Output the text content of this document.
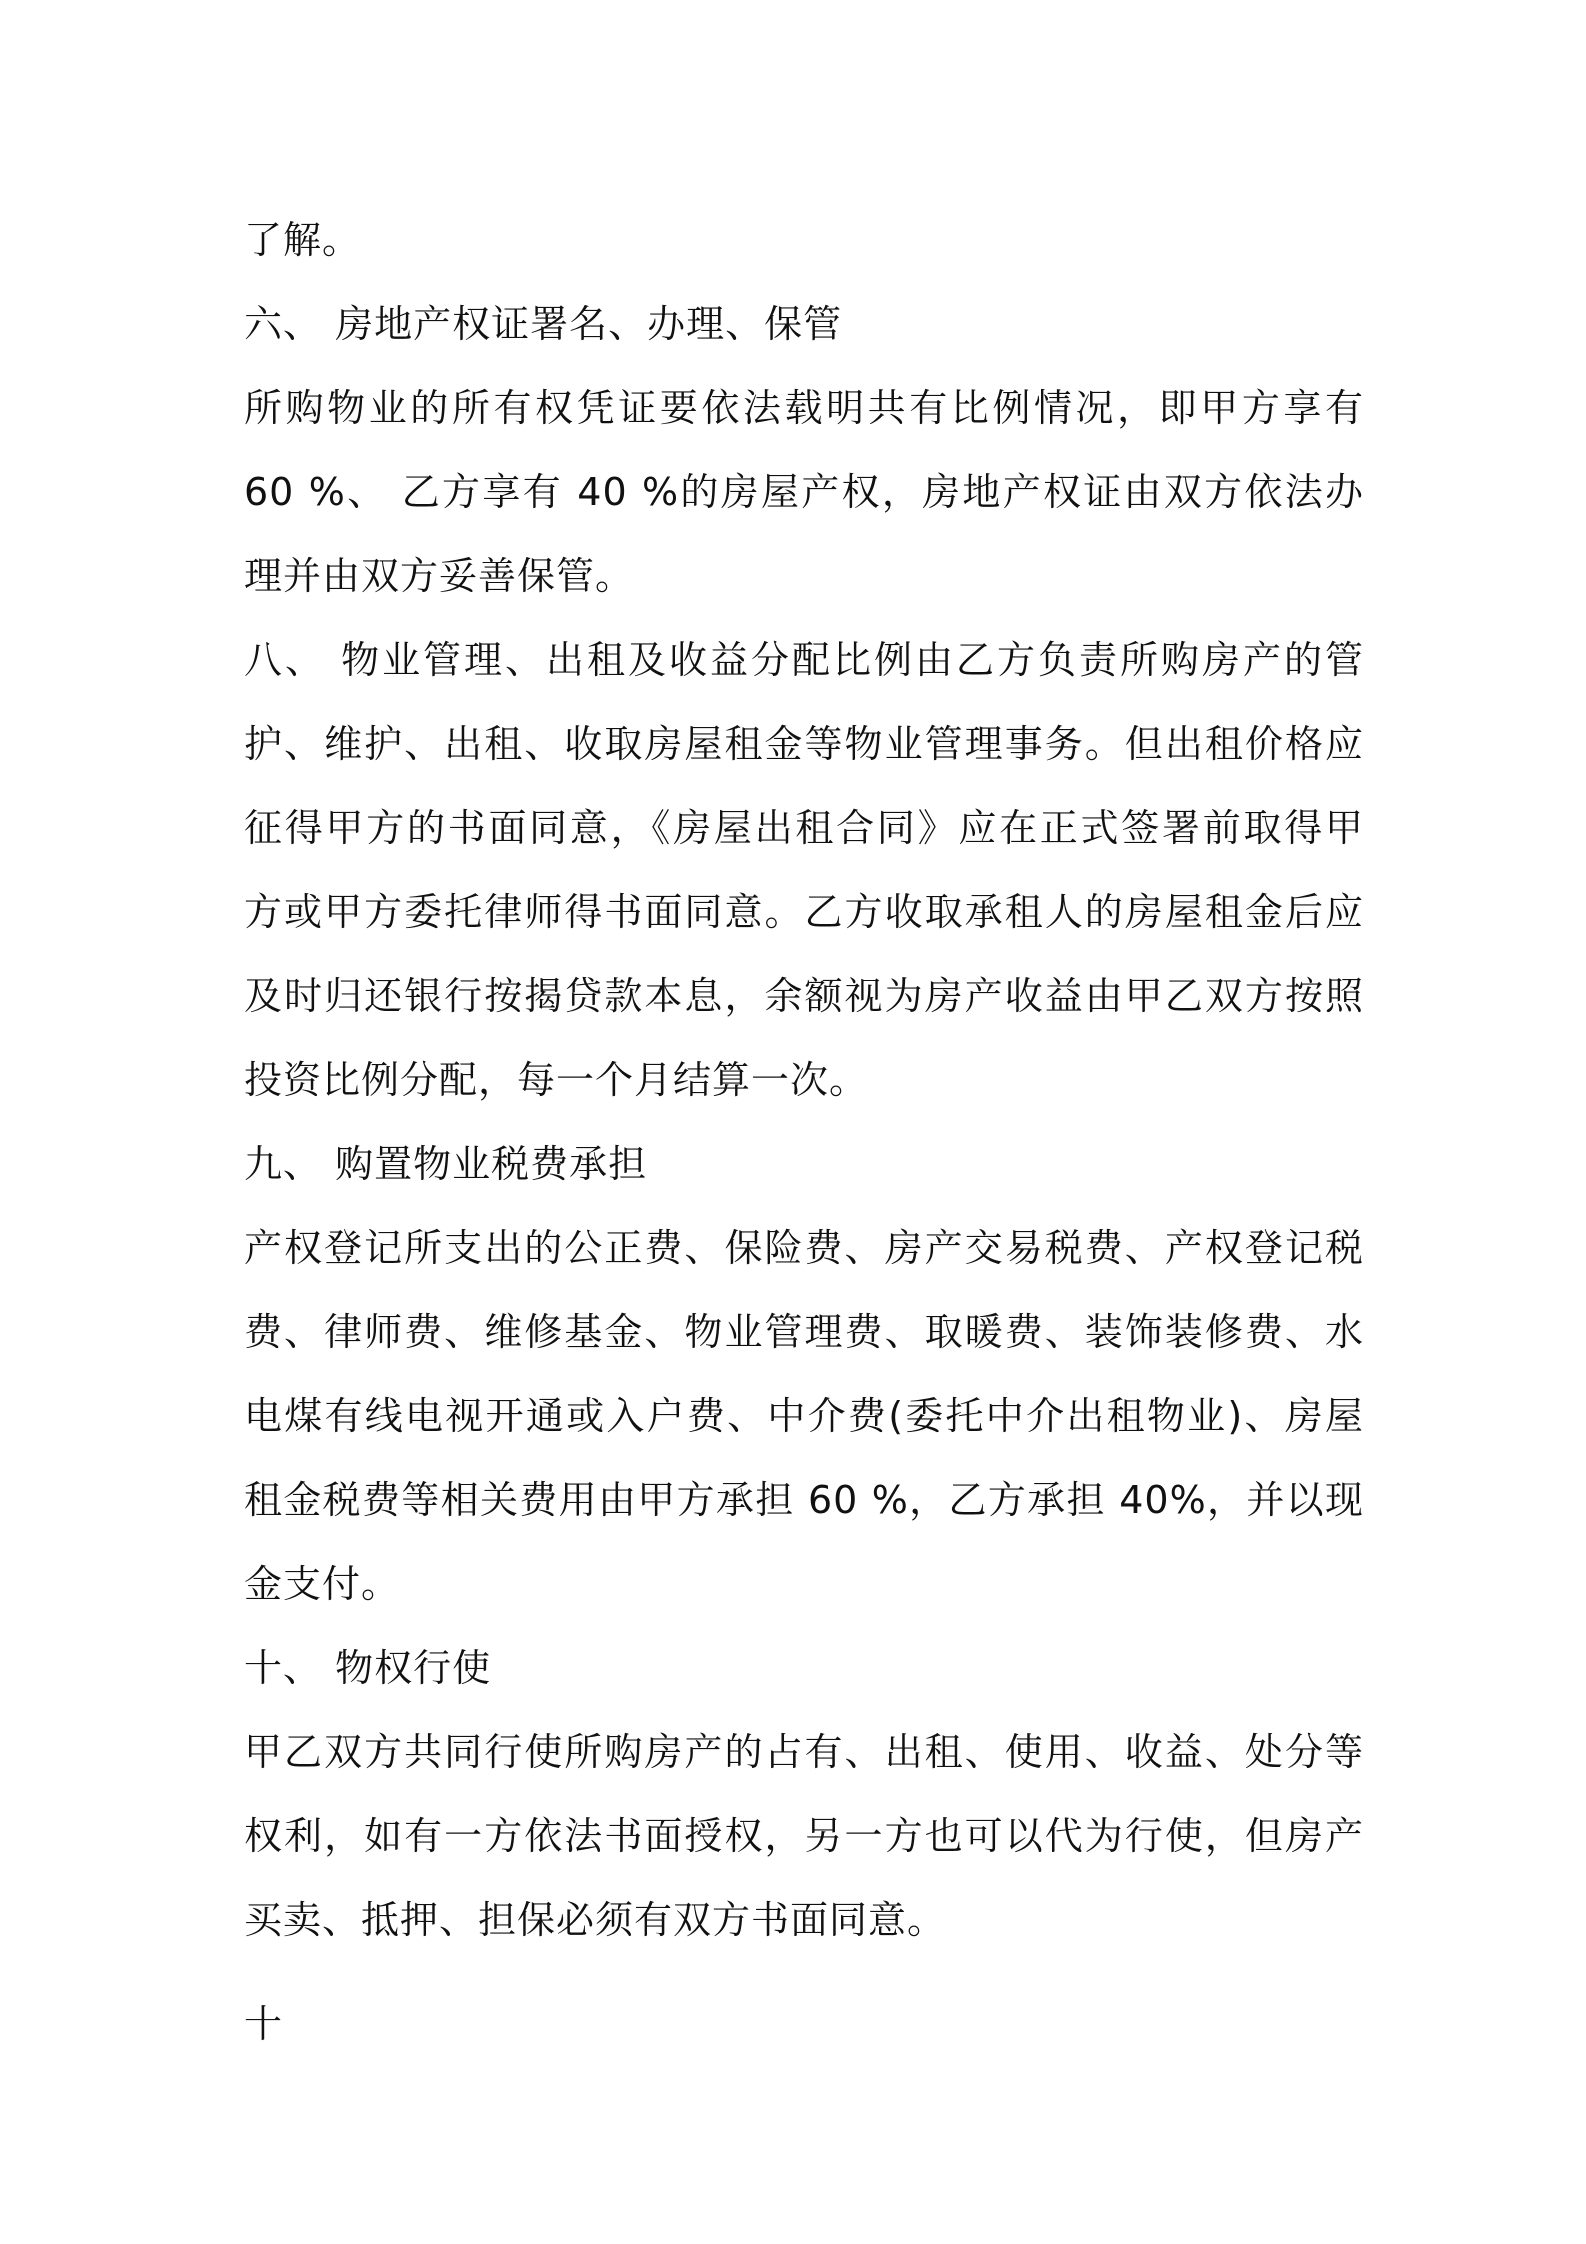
了解。
六、 房地产权证署名、办理、保管
所购物业的所有权凭证要依法载明共有比例情况，即甲方享有
60 %、 乙方享有 40 %的房屋产权，房地产权证由双方依法办
理并由双方妥善保管。
八、 物业管理、出租及收益分配比例由乙方负责所购房产的管
护、维护、出租、收取房屋租金等物业管理事务。但出租价格应
征得甲方的书面同意，《房屋出租合同》应在正式签署前取得甲
方或甲方委托律师得书面同意。乙方收取承租人的房屋租金后应
及时归还银行按揭贷款本息，余额视为房产收益由甲乙双方按照
投资比例分配，每一个月结算一次。
九、 购置物业税费承担
产权登记所支出的公正费、保险费、房产交易税费、产权登记税
费、律师费、维修基金、物业管理费、取暖费、装饰装修费、水
电煤有线电视开通或入户费、中介费(委托中介出租物业)、房屋
租金税费等相关费用由甲方承担 60 %，乙方承担 40%，并以现
金支付。
十、 物权行使
甲乙双方共同行使所购房产的占有、出租、使用、收益、处分等
权利，如有一方依法书面授权，另一方也可以代为行使，但房产
买卖、抵押、担保必须有双方书面同意。
十
